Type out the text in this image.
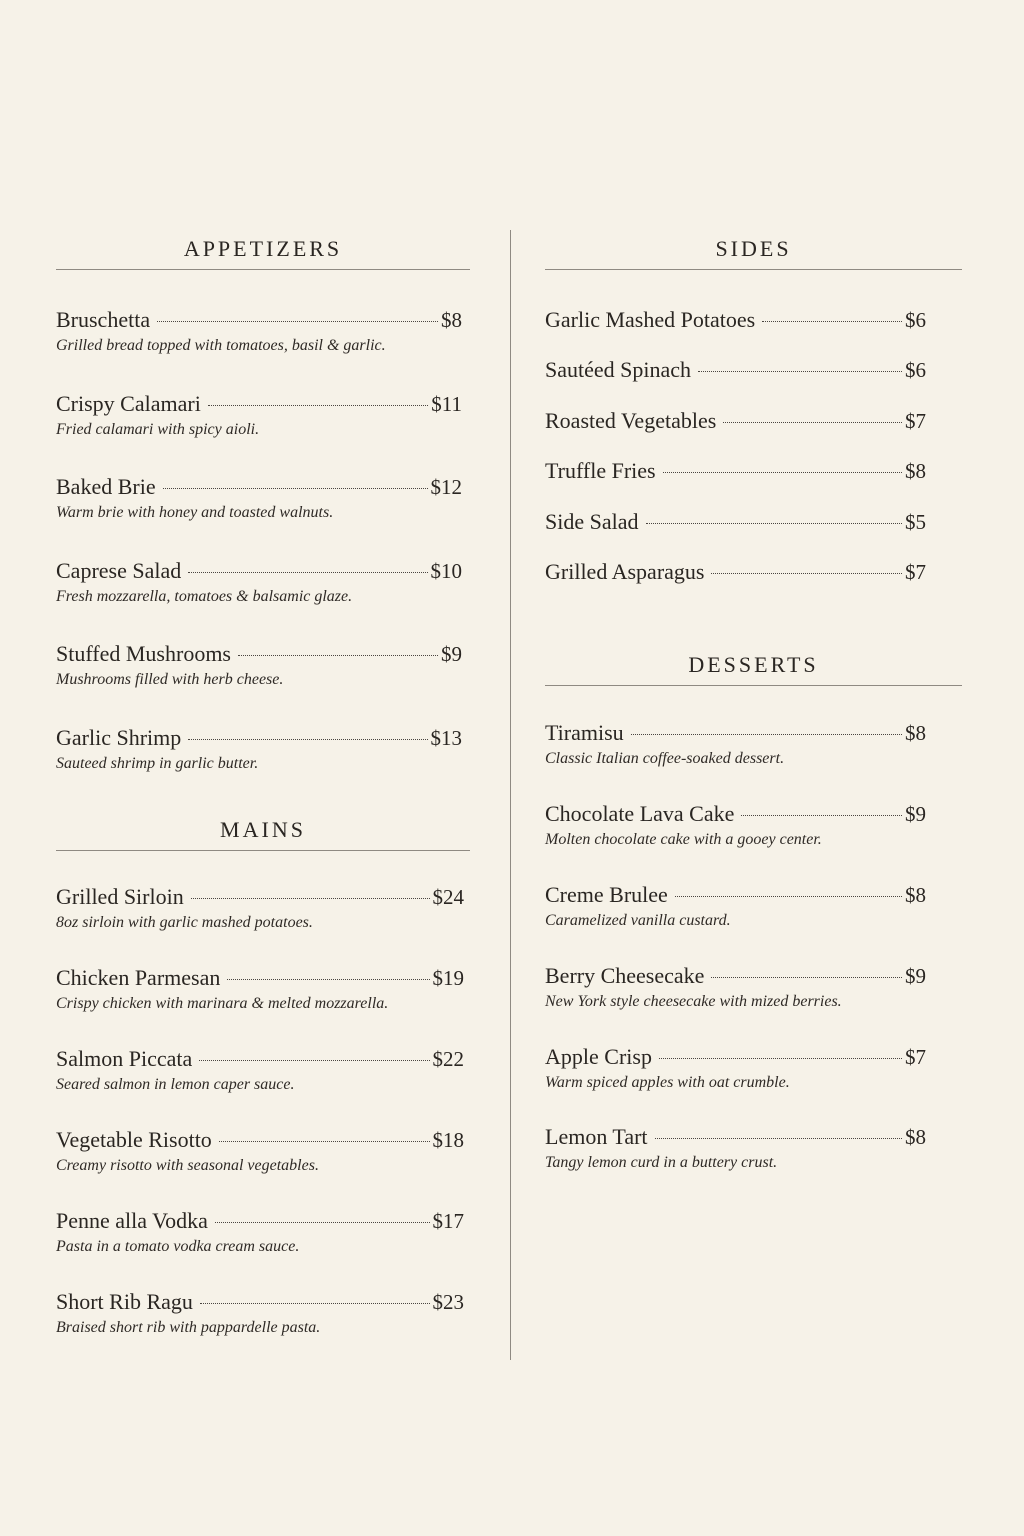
APPETIZERS
Bruschetta	$8
Grilled bread topped with tomatoes, basil & garlic.
Crispy Calamari	$11
Fried calamari with spicy aioli.
Baked Brie	$12
Warm brie with honey and toasted walnuts.
Caprese Salad	$10
Fresh mozzarella, tomatoes & balsamic glaze.
Stuffed Mushrooms	$9
Mushrooms filled with herb cheese.
Garlic Shrimp	$13
Sauteed shrimp in garlic butter.
MAINS
Grilled Sirloin	$24
8oz sirloin with garlic mashed potatoes.
Chicken Parmesan	$19
Crispy chicken with marinara & melted mozzarella.
Salmon Piccata	$22
Seared salmon in lemon caper sauce.
Vegetable Risotto	$18
Creamy risotto with seasonal vegetables.
Penne alla Vodka	$17
Pasta in a tomato vodka cream sauce.
Short Rib Ragu	$23
Braised short rib with pappardelle pasta.
SIDES
Garlic Mashed Potatoes	$6
Sautéed Spinach	$6
Roasted Vegetables	$7
Truffle Fries	$8
Side Salad	$5
Grilled Asparagus	$7
DESSERTS
Tiramisu	$8
Classic Italian coffee-soaked dessert.
Chocolate Lava Cake	$9
Molten chocolate cake with a gooey center.
Creme Brulee	$8
Caramelized vanilla custard.
Berry Cheesecake	$9
New York style cheesecake with mized berries.
Apple Crisp	$7
Warm spiced apples with oat crumble.
Lemon Tart	$8
Tangy lemon curd in a buttery crust.
